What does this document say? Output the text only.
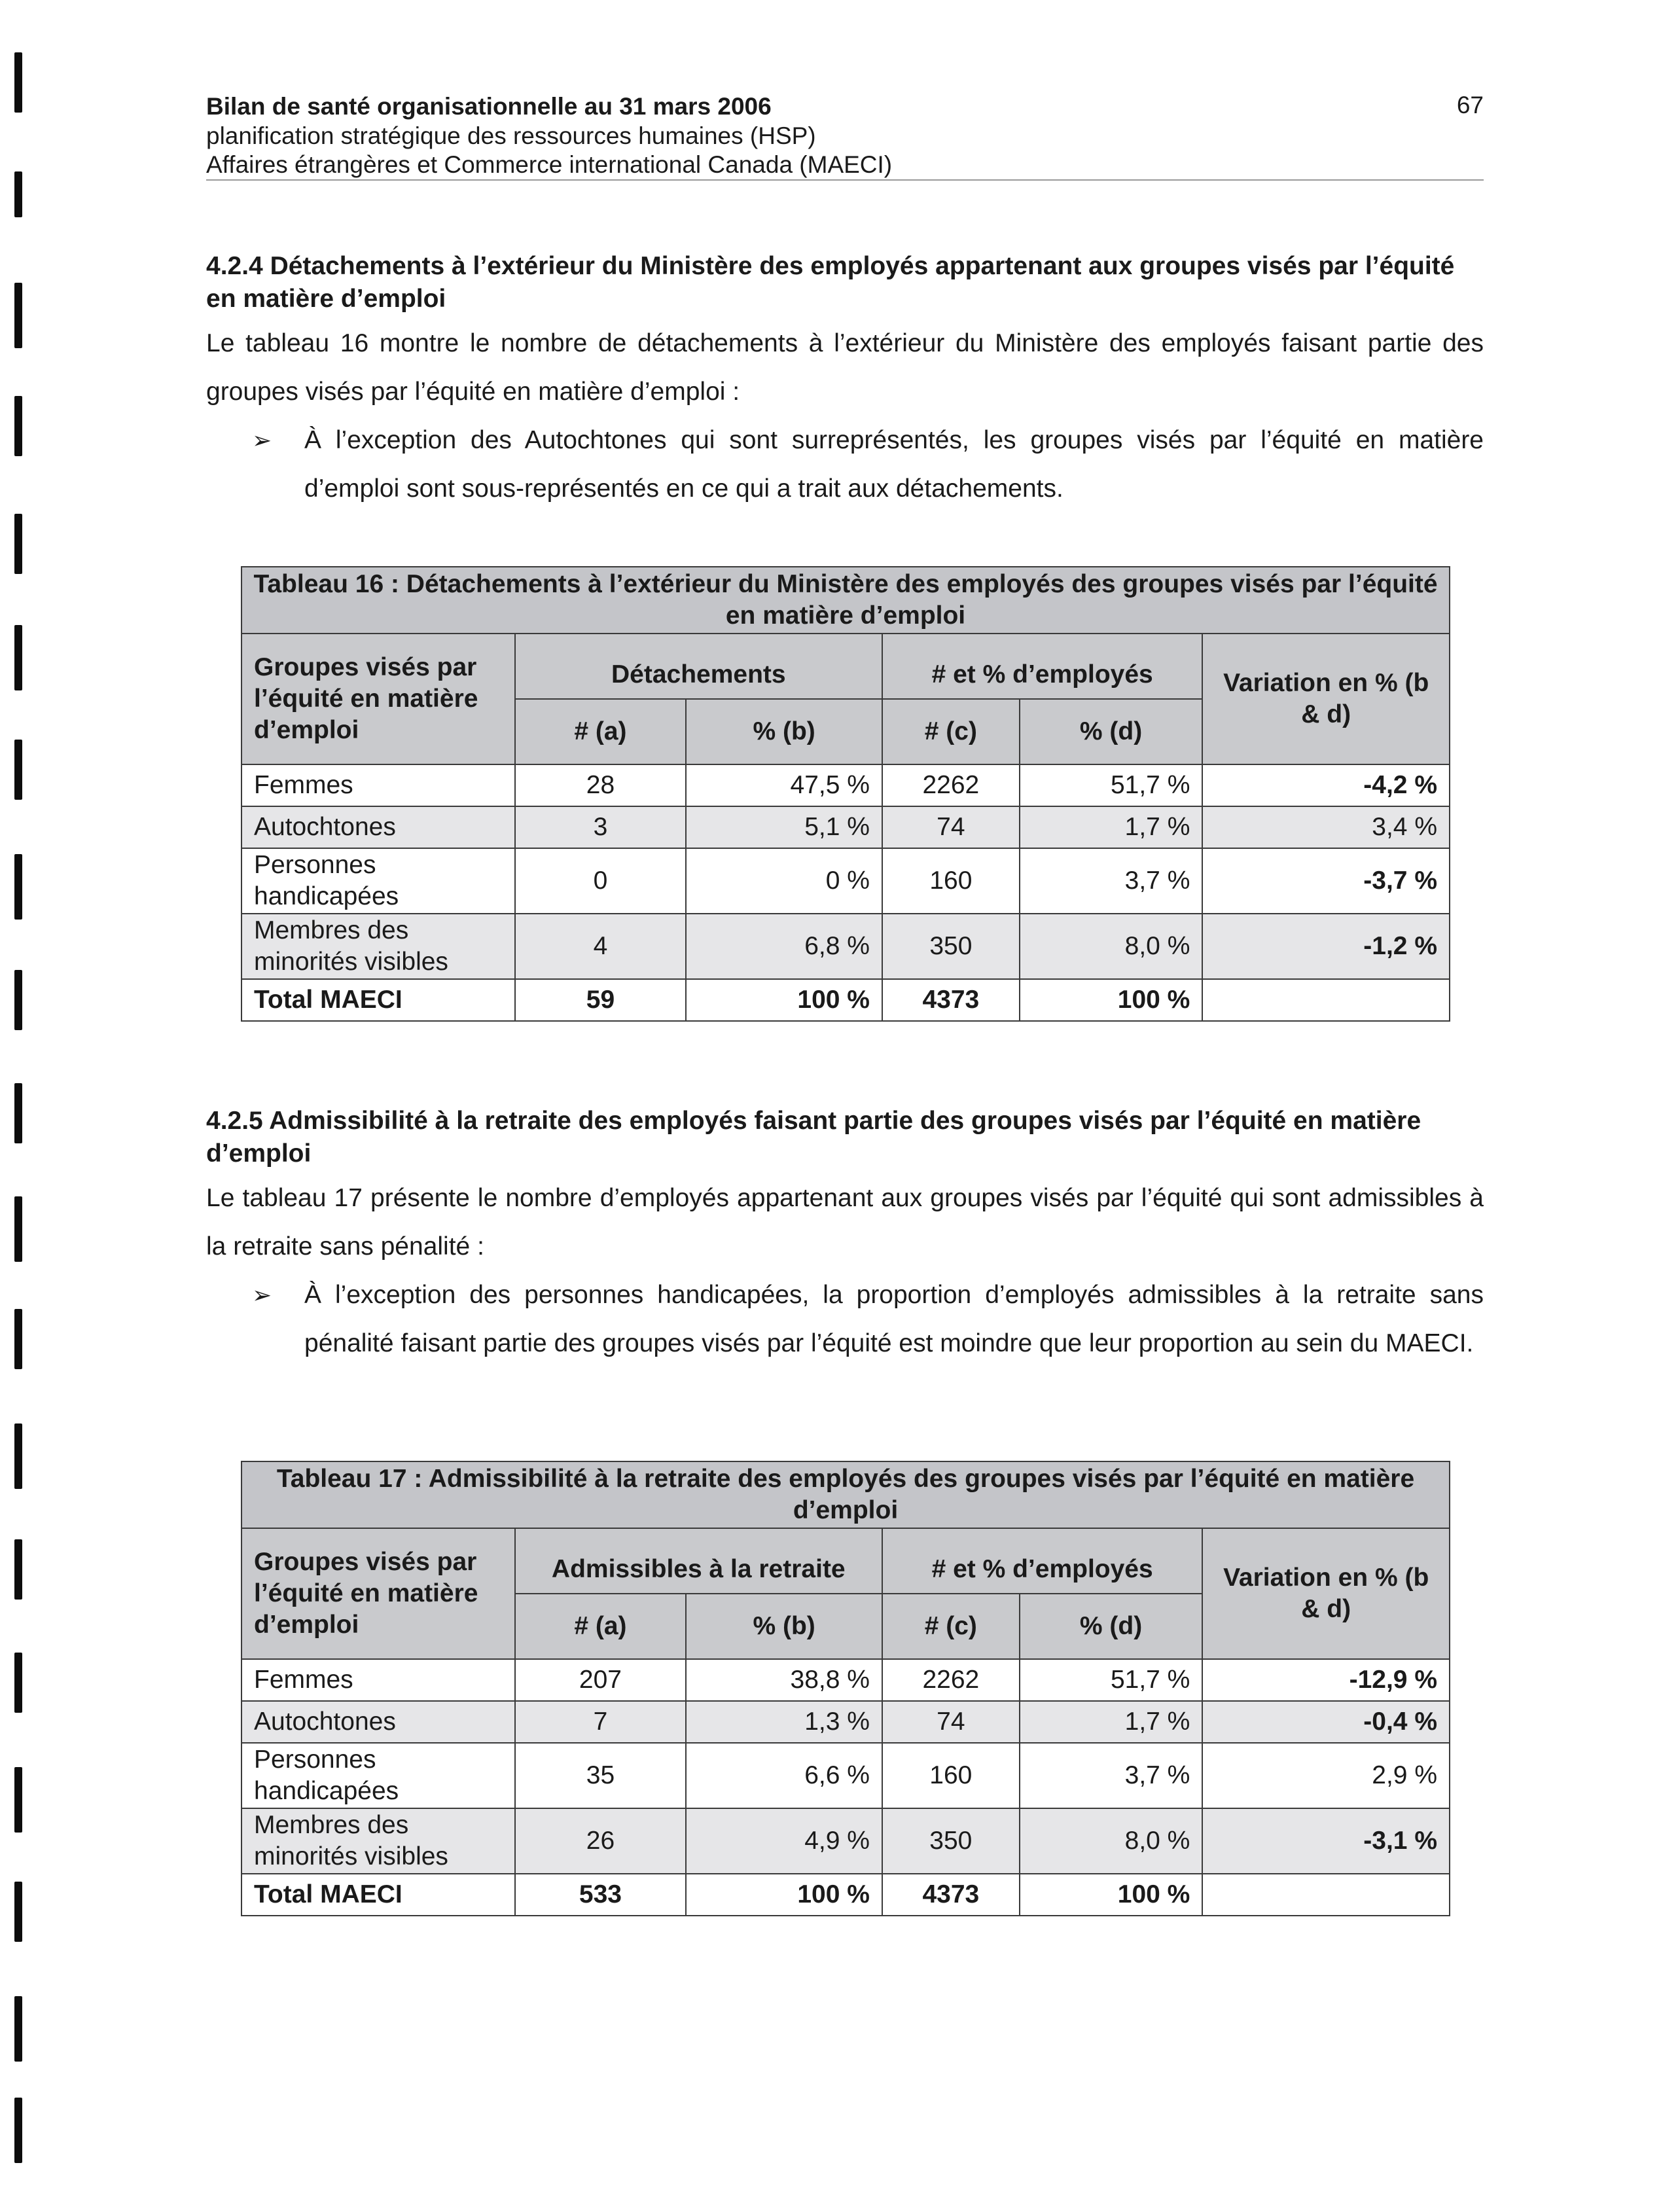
Bilan de santé organisationnelle au 31 mars 2006
planification stratégique des ressources humaines (HSP)
Affaires étrangères et Commerce international Canada (MAECI)
67
4.2.4 Détachements à l’extérieur du Ministère des employés appartenant aux groupes visés par l’équité en matière d’emploi

Le tableau 16 montre le nombre de détachements à l’extérieur du Ministère des employés faisant partie des groupes visés par l’équité en matière d’emploi :

➢ À l’exception des Autochtones qui sont surreprésentés, les groupes visés par l’équité en matière d’emploi sont sous-représentés en ce qui a trait aux détachements.
Tableau 16 : Détachements à l’extérieur du Ministère des employés des groupes visés par l’équité en matière d’emploi					
Groupes visés par l’équité en matière d’emploi	Détachements		# et % d’employés		Variation en % (b & d)
	# (a)	% (b)	# (c)	% (d)	
Femmes	28	47,5 %	2262	51,7 %	-4,2 %
Autochtones	3	5,1 %	74	1,7 %	3,4 %
Personnes handicapées	0	0 %	160	3,7 %	-3,7 %
Membres des minorités visibles	4	6,8 %	350	8,0 %	-1,2 %
Total MAECI	59	100 %	4373	100 %	
4.2.5 Admissibilité à la retraite des employés faisant partie des groupes visés par l’équité en matière d’emploi

Le tableau 17 présente le nombre d’employés appartenant aux groupes visés par l’équité qui sont admissibles à la retraite sans pénalité :

➢ À l’exception des personnes handicapées, la proportion d’employés admissibles à la retraite sans pénalité faisant partie des groupes visés par l’équité est moindre que leur proportion au sein du MAECI.
Tableau 17 : Admissibilité à la retraite des employés des groupes visés par l’équité en matière d’emploi					
Groupes visés par l’équité en matière d’emploi	Admissibles à la retraite		# et % d’employés		Variation en % (b & d)
	# (a)	% (b)	# (c)	% (d)	
Femmes	207	38,8 %	2262	51,7 %	-12,9 %
Autochtones	7	1,3 %	74	1,7 %	-0,4 %
Personnes handicapées	35	6,6 %	160	3,7 %	2,9 %
Membres des minorités visibles	26	4,9 %	350	8,0 %	-3,1 %
Total MAECI	533	100 %	4373	100 %	
